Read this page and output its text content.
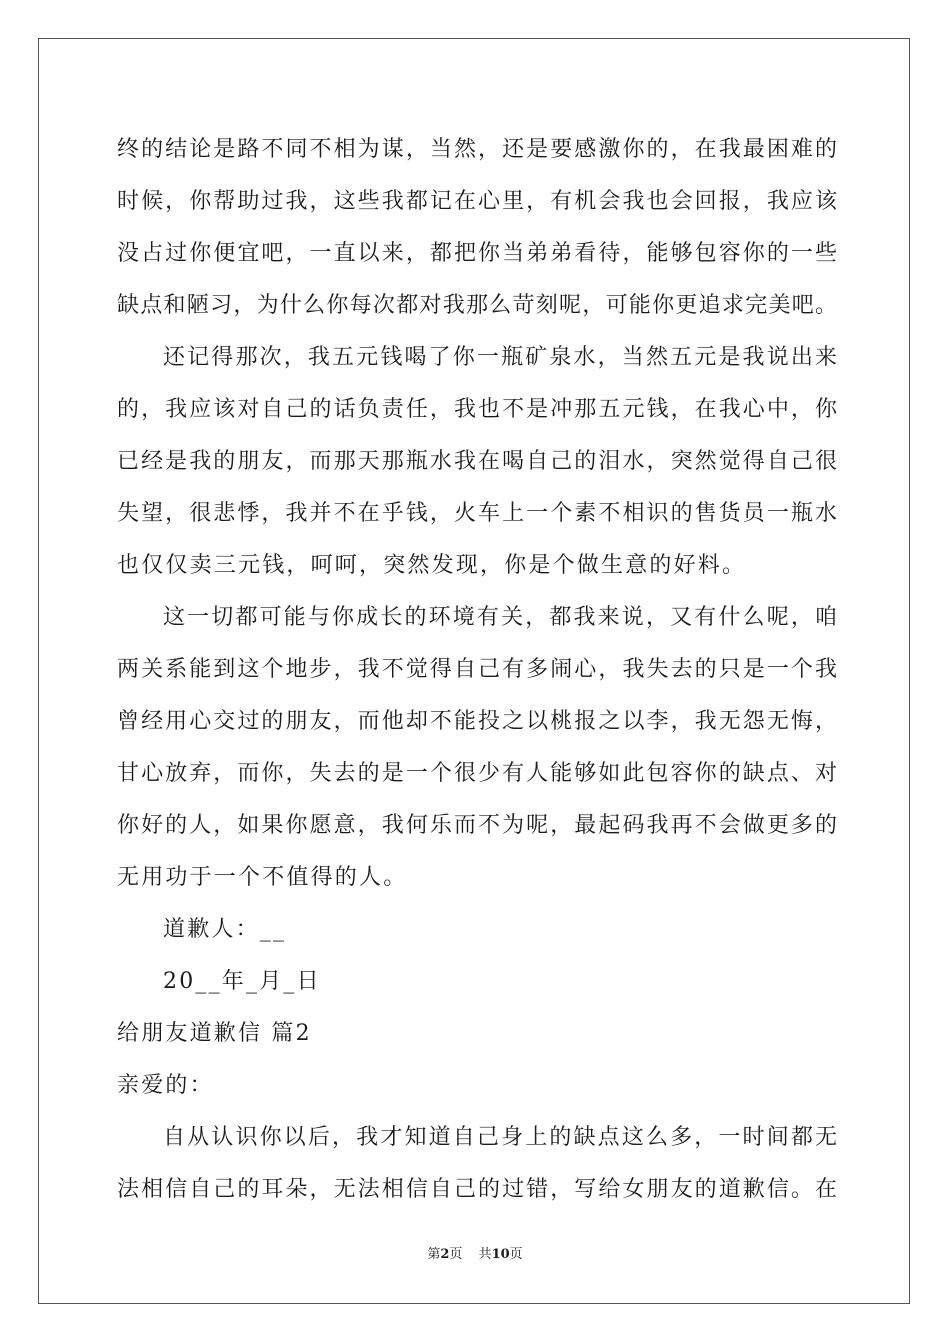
终的结论是路不同不相为谋，当然，还是要感激你的，在我最困难的
时候，你帮助过我，这些我都记在心里，有机会我也会回报，我应该
没占过你便宜吧，一直以来，都把你当弟弟看待，能够包容你的一些
缺点和陋习，为什么你每次都对我那么苛刻呢，可能你更追求完美吧。
还记得那次，我五元钱喝了你一瓶矿泉水，当然五元是我说出来
的，我应该对自己的话负责任，我也不是冲那五元钱，在我心中，你
已经是我的朋友，而那天那瓶水我在喝自己的泪水，突然觉得自己很
失望，很悲悸，我并不在乎钱，火车上一个素不相识的售货员一瓶水
也仅仅卖三元钱，呵呵，突然发现，你是个做生意的好料。
这一切都可能与你成长的环境有关，都我来说，又有什么呢，咱
两关系能到这个地步，我不觉得自己有多闹心，我失去的只是一个我
曾经用心交过的朋友，而他却不能投之以桃报之以李，我无怨无悔，
甘心放弃，而你，失去的是一个很少有人能够如此包容你的缺点、对
你好的人，如果你愿意，我何乐而不为呢，最起码我再不会做更多的
无用功于一个不值得的人。
道歉人：__
20__年_月_日
给朋友道歉信 篇2
亲爱的：
自从认识你以后，我才知道自己身上的缺点这么多，一时间都无
法相信自己的耳朵，无法相信自己的过错，写给女朋友的道歉信。在
第2页 共10页
